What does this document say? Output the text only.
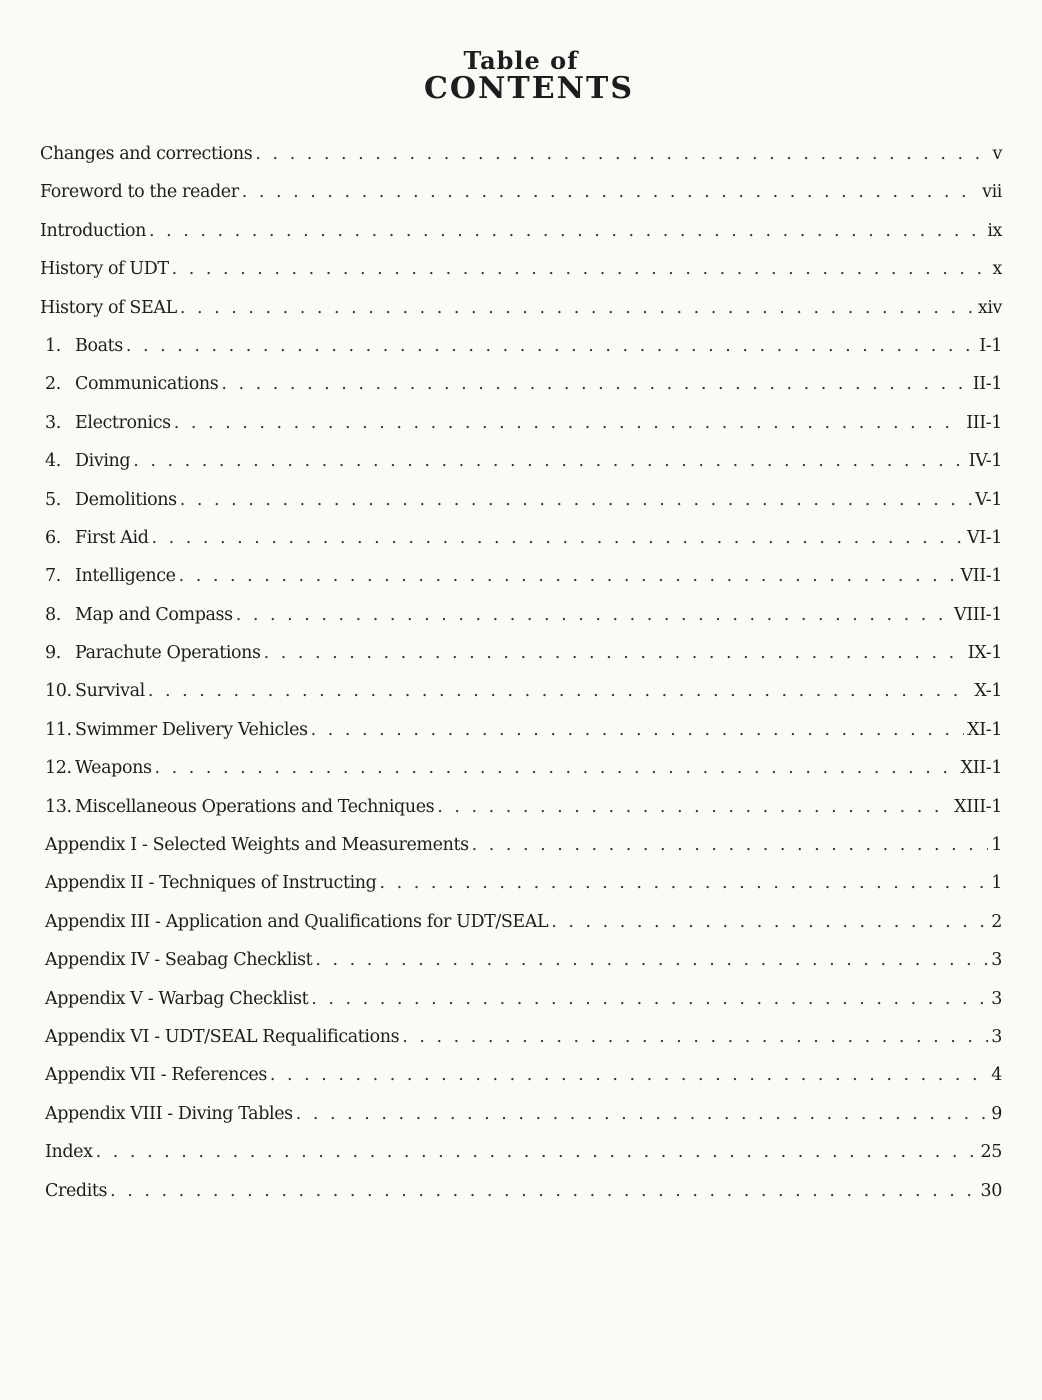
Table of
CONTENTS
Changes and corrections . . .	v
Foreword to the reader . . .	vii
Introduction . . .	ix
History of UDT . . .	x
History of SEAL . . .	xiv
1. Boats . . .	I-1
2. Communications . . .	II-1
3. Electronics . . .	III-1
4. Diving . . .	IV-1
5. Demolitions . . .	V-1
6. First Aid . . .	VI-1
7. Intelligence . . .	VII-1
8. Map and Compass . . .	VIII-1
9. Parachute Operations . . .	IX-1
10. Survival . . .	X-1
11. Swimmer Delivery Vehicles . . .	XI-1
12. Weapons . . .	XII-1
13. Miscellaneous Operations and Techniques . . .	XIII-1
Appendix I - Selected Weights and Measurements . . .	1
Appendix II - Techniques of Instructing . . .	1
Appendix III - Application and Qualifications for UDT/SEAL . . .	2
Appendix IV - Seabag Checklist . . .	3
Appendix V - Warbag Checklist . . .	3
Appendix VI - UDT/SEAL Requalifications . . .	3
Appendix VII - References . . .	4
Appendix VIII - Diving Tables . . .	9
Index . . .	25
Credits . . .	30
